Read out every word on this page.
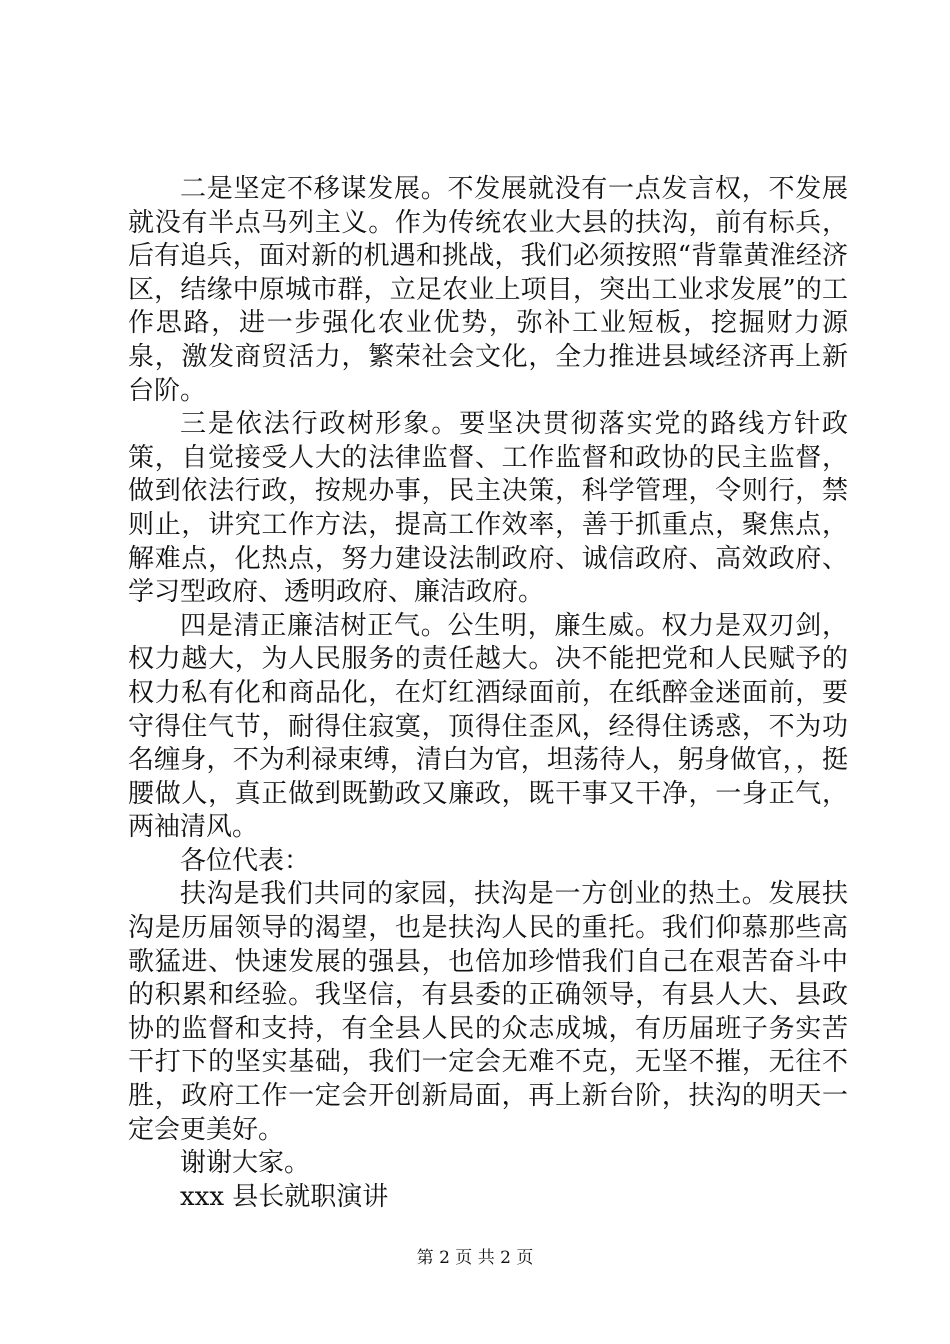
二是坚定不移谋发展。不发展就没有一点发言权，不发展就没有半点马列主义。作为传统农业大县的扶沟，前有标兵，后有追兵，面对新的机遇和挑战，我们必须按照“背靠黄淮经济区，结缘中原城市群，立足农业上项目，突出工业求发展”的工作思路，进一步强化农业优势，弥补工业短板，挖掘财力源泉，激发商贸活力，繁荣社会文化，全力推进县域经济再上新台阶。

三是依法行政树形象。要坚决贯彻落实党的路线方针政策，自觉接受人大的法律监督、工作监督和政协的民主监督，做到依法行政，按规办事，民主决策，科学管理，令则行，禁则止，讲究工作方法，提高工作效率，善于抓重点，聚焦点，解难点，化热点，努力建设法制政府、诚信政府、高效政府、学习型政府、透明政府、廉洁政府。

四是清正廉洁树正气。公生明，廉生威。权力是双刃剑，权力越大，为人民服务的责任越大。决不能把党和人民赋予的权力私有化和商品化，在灯红酒绿面前，在纸醉金迷面前，要守得住气节，耐得住寂寞，顶得住歪风，经得住诱惑，不为功名缠身，不为利禄束缚，清白为官，坦荡待人，躬身做官，，挺腰做人，真正做到既勤政又廉政，既干事又干净，一身正气，两袖清风。

各位代表：

扶沟是我们共同的家园，扶沟是一方创业的热土。发展扶沟是历届领导的渴望，也是扶沟人民的重托。我们仰慕那些高歌猛进、快速发展的强县，也倍加珍惜我们自己在艰苦奋斗中的积累和经验。我坚信，有县委的正确领导，有县人大、县政协的监督和支持，有全县人民的众志成城，有历届班子务实苦干打下的坚实基础，我们一定会无难不克，无坚不摧，无往不胜，政府工作一定会开创新局面，再上新台阶，扶沟的明天一定会更美好。

谢谢大家。

xxx 县长就职演讲

第 2 页 共 2 页
